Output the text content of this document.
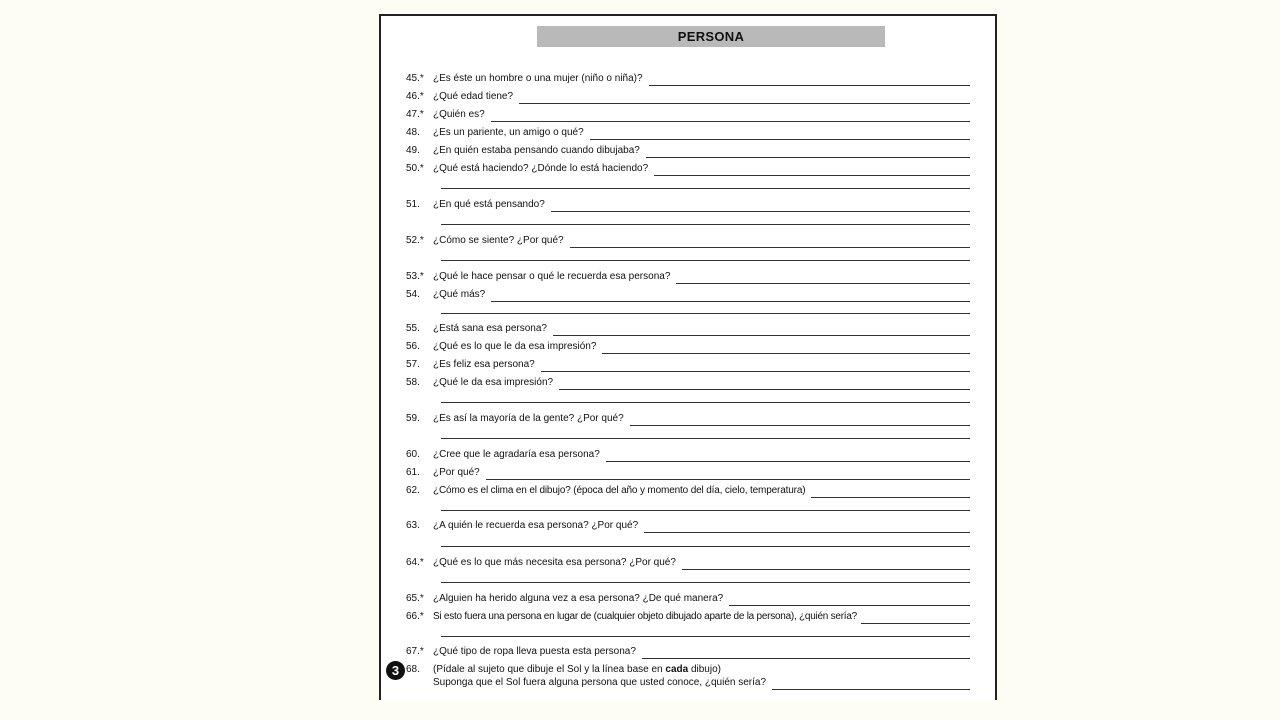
PERSONA
45.* ¿Es éste un hombre o una mujer (niño o niña)?
46.* ¿Qué edad tiene?
47.* ¿Quién es?
48. ¿Es un pariente, un amigo o qué?
49. ¿En quién estaba pensando cuando dibujaba?
50.* ¿Qué está haciendo? ¿Dónde lo está haciendo?
51. ¿En qué está pensando?
52.* ¿Cómo se siente? ¿Por qué?
53.* ¿Qué le hace pensar o qué le recuerda esa persona?
54. ¿Qué más?
55. ¿Está sana esa persona?
56. ¿Qué es lo que le da esa impresión?
57. ¿Es feliz esa persona?
58. ¿Qué le da esa impresión?
59. ¿Es así la mayoría de la gente? ¿Por qué?
60. ¿Cree que le agradaría esa persona?
61. ¿Por qué?
62. ¿Cómo es el clima en el dibujo? (época del año y momento del día, cielo, temperatura)
63. ¿A quién le recuerda esa persona? ¿Por qué?
64.* ¿Qué es lo que más necesita esa persona? ¿Por qué?
65.* ¿Alguien ha herido alguna vez a esa persona? ¿De qué manera?
66.* Si esto fuera una persona en lugar de (cualquier objeto dibujado aparte de la persona), ¿quién sería?
67.* ¿Qué tipo de ropa lleva puesta esta persona?
3 68. (Pídale al sujeto que dibuje el Sol y la línea base en cada dibujo)
Suponga que el Sol fuera alguna persona que usted conoce, ¿quién sería?
